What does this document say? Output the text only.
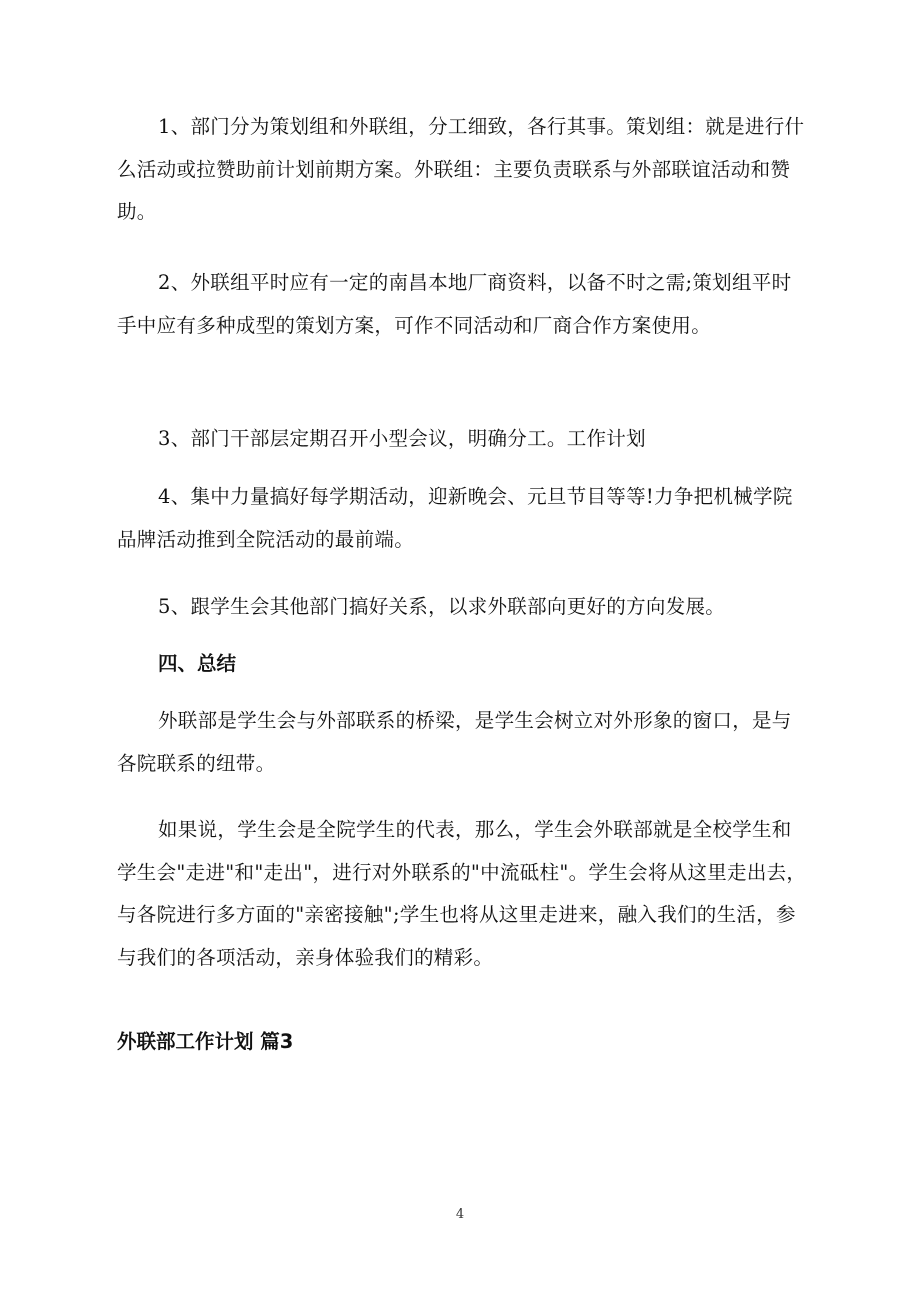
1、部门分为策划组和外联组，分工细致，各行其事。策划组：就是进行什么活动或拉赞助前计划前期方案。外联组：主要负责联系与外部联谊活动和赞助。

2、外联组平时应有一定的南昌本地厂商资料，以备不时之需;策划组平时手中应有多种成型的策划方案，可作不同活动和厂商合作方案使用。

3、部门干部层定期召开小型会议，明确分工。工作计划

4、集中力量搞好每学期活动，迎新晚会、元旦节目等等!力争把机械学院品牌活动推到全院活动的最前端。

5、跟学生会其他部门搞好关系，以求外联部向更好的方向发展。

四、总结

外联部是学生会与外部联系的桥梁，是学生会树立对外形象的窗口，是与各院联系的纽带。

如果说，学生会是全院学生的代表，那么，学生会外联部就是全校学生和学生会"走进"和"走出"，进行对外联系的"中流砥柱"。学生会将从这里走出去，与各院进行多方面的"亲密接触";学生也将从这里走进来，融入我们的生活，参与我们的各项活动，亲身体验我们的精彩。

外联部工作计划 篇3
4
